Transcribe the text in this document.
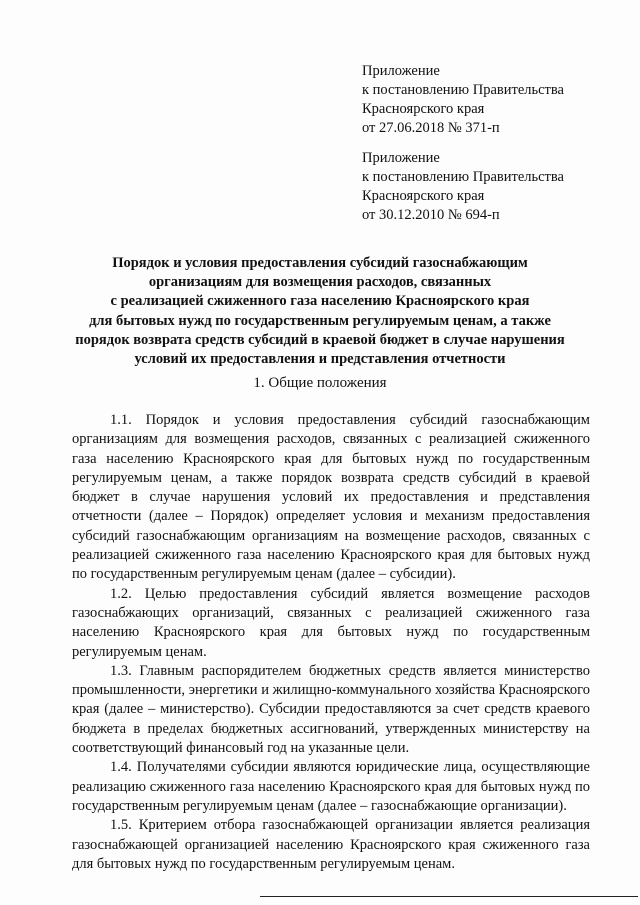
Приложение
к постановлению Правительства
Красноярского края
от 27.06.2018 № 371-п
Приложение
к постановлению Правительства
Красноярского края
от 30.12.2010 № 694-п
Порядок и условия предоставления субсидий газоснабжающим
организациям для возмещения расходов, связанных
с реализацией сжиженного газа населению Красноярского края
для бытовых нужд по государственным регулируемым ценам, а также
порядок возврата средств субсидий в краевой бюджет в случае нарушения
условий их предоставления и представления отчетности
1. Общие положения

1.1. Порядок и условия предоставления субсидий газоснабжающим организациям для возмещения расходов, связанных с реализацией сжиженного газа населению Красноярского края для бытовых нужд по государственным регулируемым ценам, а также порядок возврата средств субсидий в краевой бюджет в случае нарушения условий их предоставления и представления отчетности (далее – Порядок) определяет условия и механизм предоставления субсидий газоснабжающим организациям на возмещение расходов, связанных с реализацией сжиженного газа населению Красноярского края для бытовых нужд по государственным регулируемым ценам (далее – субсидии).

1.2. Целью предоставления субсидий является возмещение расходов газоснабжающих организаций, связанных с реализацией сжиженного газа населению Красноярского края для бытовых нужд по государственным регулируемым ценам.

1.3. Главным распорядителем бюджетных средств является министерство промышленности, энергетики и жилищно-коммунального хозяйства Красноярского края (далее – министерство). Субсидии предоставляются за счет средств краевого бюджета в пределах бюджетных ассигнований, утвержденных министерству на соответствующий финансовый год на указанные цели.

1.4. Получателями субсидии являются юридические лица, осуществляющие реализацию сжиженного газа населению Красноярского края для бытовых нужд по государственным регулируемым ценам (далее – газоснабжающие организации).

1.5. Критерием отбора газоснабжающей организации является реализация газоснабжающей организацией населению Красноярского края сжиженного газа для бытовых нужд по государственным регулируемым ценам.
